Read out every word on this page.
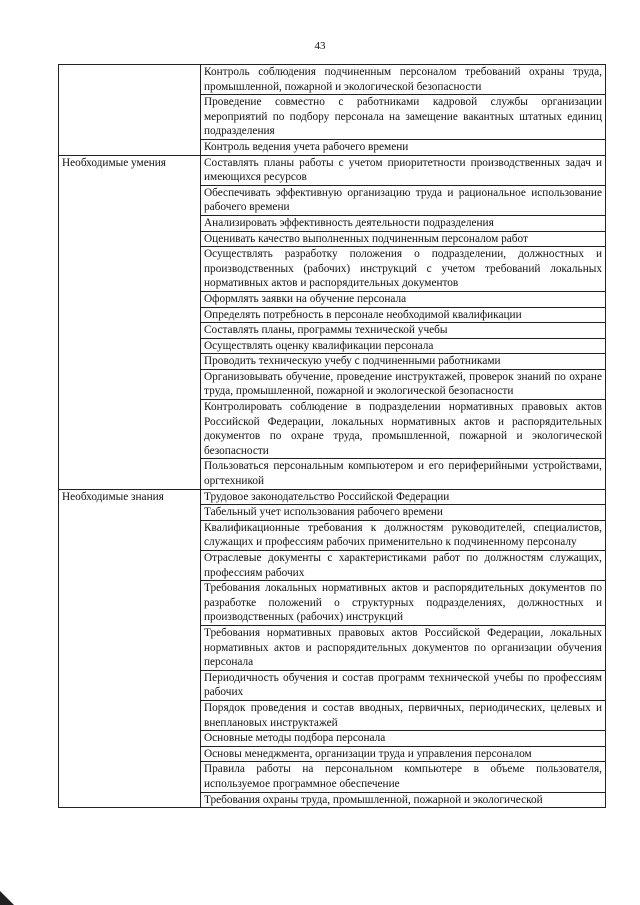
43
	Контроль соблюдения подчиненным персоналом требований охраны труда, промышленной, пожарной и экологической безопасности
	Проведение совместно с работниками кадровой службы организации мероприятий по подбору персонала на замещение вакантных штатных единиц подразделения
	Контроль ведения учета рабочего времени
Необходимые умения	Составлять планы работы с учетом приоритетности производственных задач и имеющихся ресурсов
	Обеспечивать эффективную организацию труда и рациональное использование рабочего времени
	Анализировать эффективность деятельности подразделения
	Оценивать качество выполненных подчиненным персоналом работ
	Осуществлять разработку положения о подразделении, должностных и производственных (рабочих) инструкций с учетом требований локальных нормативных актов и распорядительных документов
	Оформлять заявки на обучение персонала
	Определять потребность в персонале необходимой квалификации
	Составлять планы, программы технической учебы
	Осуществлять оценку квалификации персонала
	Проводить техническую учебу с подчиненными работниками
	Организовывать обучение, проведение инструктажей, проверок знаний по охране труда, промышленной, пожарной и экологической безопасности
	Контролировать соблюдение в подразделении нормативных правовых актов Российской Федерации, локальных нормативных актов и распорядительных документов по охране труда, промышленной, пожарной и экологической безопасности
	Пользоваться персональным компьютером и его периферийными устройствами, оргтехникой
Необходимые знания	Трудовое законодательство Российской Федерации
	Табельный учет использования рабочего времени
	Квалификационные требования к должностям руководителей, специалистов, служащих и профессиям рабочих применительно к подчиненному персоналу
	Отраслевые документы с характеристиками работ по должностям служащих, профессиям рабочих
	Требования локальных нормативных актов и распорядительных документов по разработке положений о структурных подразделениях, должностных и производственных (рабочих) инструкций
	Требования нормативных правовых актов Российской Федерации, локальных нормативных актов и распорядительных документов по организации обучения персонала
	Периодичность обучения и состав программ технической учебы по профессиям рабочих
	Порядок проведения и состав вводных, первичных, периодических, целевых и внеплановых инструктажей
	Основные методы подбора персонала
	Основы менеджмента, организации труда и управления персоналом
	Правила работы на персональном компьютере в объеме пользователя, используемое программное обеспечение
	Требования охраны труда, промышленной, пожарной и экологической
